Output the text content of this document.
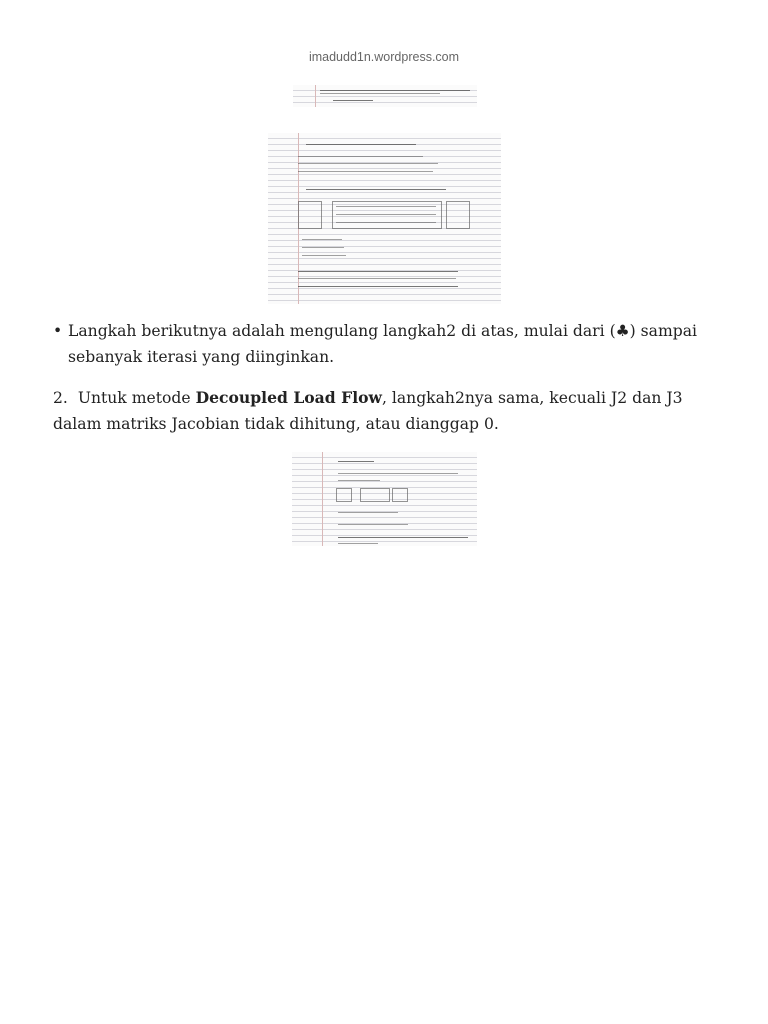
imadudd1n.wordpress.com
• Langkah berikutnya adalah mengulang langkah2 di atas, mulai dari (♣) sampai sebanyak iterasi yang diinginkan.
2. Untuk metode Decoupled Load Flow, langkah2nya sama, kecuali J2 dan J3 dalam matriks Jacobian tidak dihitung, atau dianggap 0.
